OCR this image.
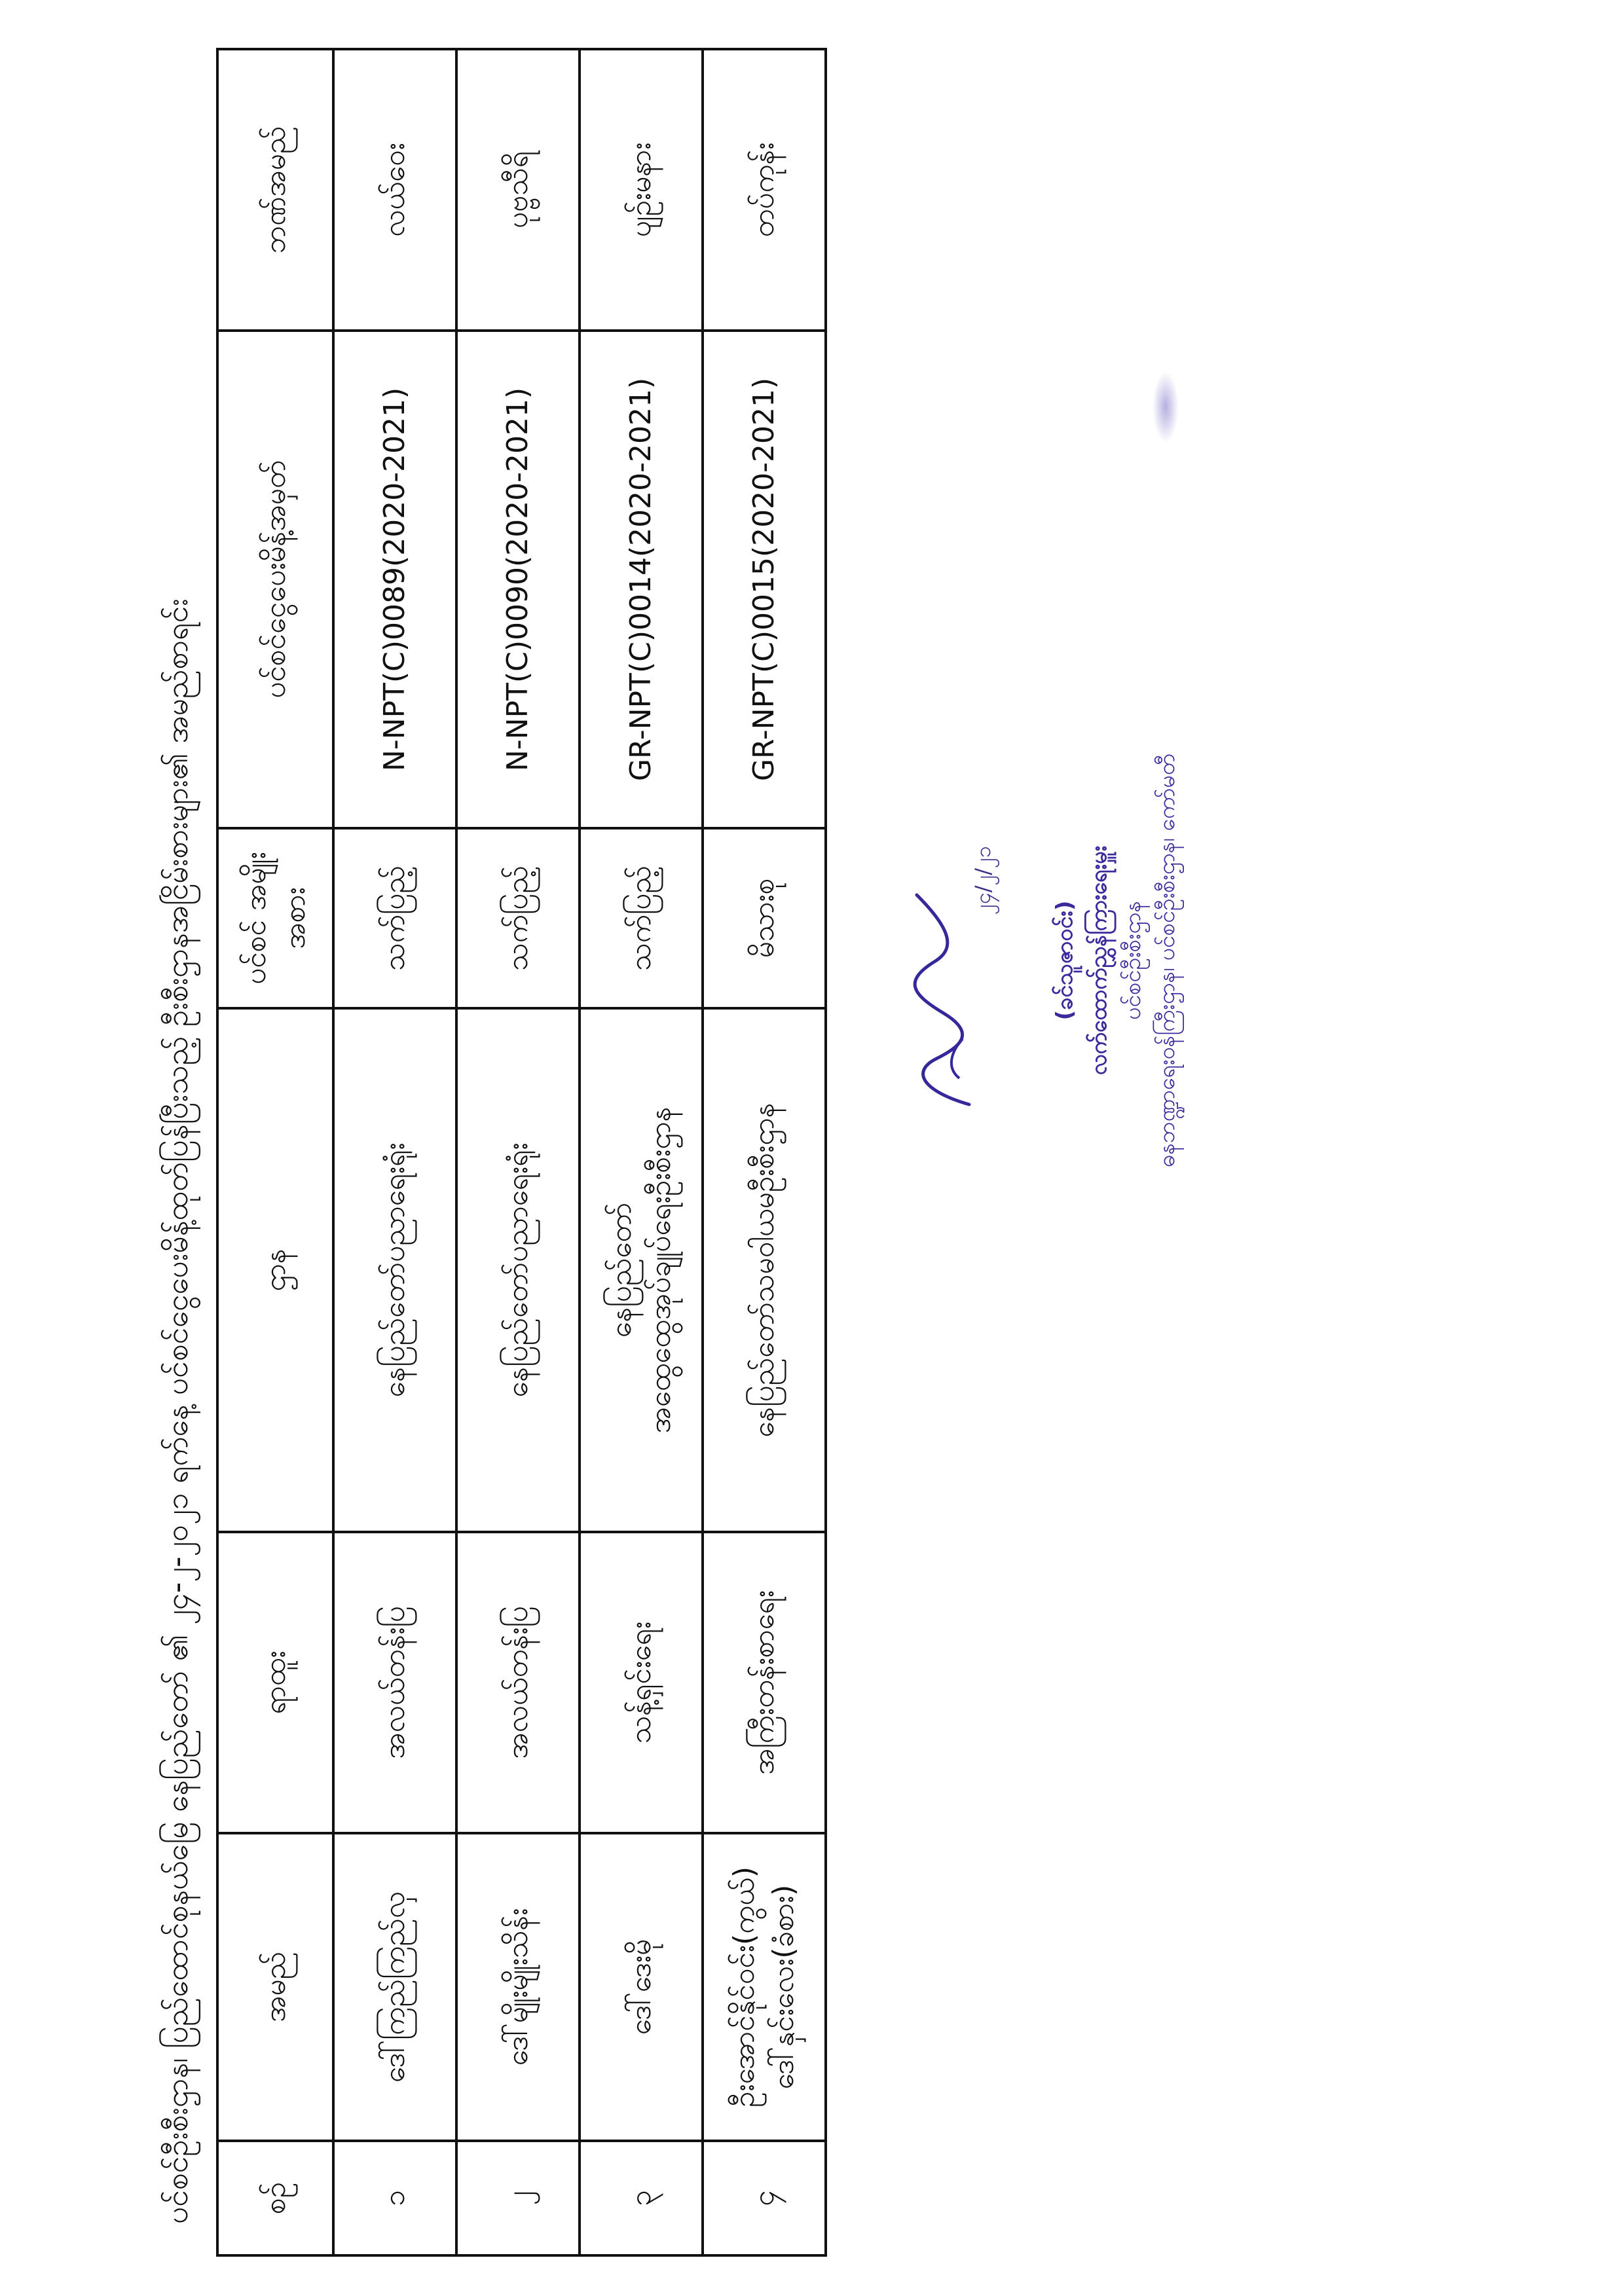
ပင်စင်ဦးစီးဌာန၊ ပြည်ထောင်စုနယ်မြေ နေပြည်တော် ၏ ၂၄-၂-၂၀၂၁ ရက်နေ့ ပင်စင်ငွေပေးမိန့်ထုတ်ပြန်ပြီးသည့် ဦးစီးဌာနအငြိမ်းစားများ၏ အမည်စာရင်း စဉ်	အမည်	ရာထူး	ဌာန	ပင်စင် အမျိုးအစား	ပင်စင်ငွေပေးမိန့်အမှတ်	ဘဏ်အမည်
၁	ဒေါ်ကြည်ကြည်လှ	အလယ်တန်းပြ	နေပြည်တော်ပညာရေးရုံး	သက်ပြည့်	N-NPT(C)0089(2020-2021)	လယ်ဝေး
၂	ဒေါ်မျိုးမျိုးသိန်း	အလယ်တန်းပြ	နေပြည်တော်ပညာရေးရုံး	သက်ပြည့်	N-NPT(C)0090(2020-2021)	ပုဗ္ဗသီရိ
၃	ဒေါ်ဒေးမို	သန့်ရှင်းရေး	နေပြည်တော် အထွေထွေအုပ်ချုပ်ရေးဦးစီးဌာန	သက်ပြည့်	GR-NPT(C)0014(2020-2021)	ပျဉ်းမနား
၄	ဦးအောင်နိုင်ဝင်း(ကွယ်) ဒေါ်နှင်းလေး(ခံစား)	အကြီးတန်းစာရေး	နေပြည်တော်သမဝါယမဦးစီးဌာန	မိသားစု	GR-NPT(C)0015(2020-2021)	တပ်ကုန်း
၂၄/၂/၂၁
(ခင်သူဇာဝင်း) လက်ထောက်ညွှန်ကြားရေးမှူး ပင်စင်ဦးစီးဌာန ဓနဘဏ္ဍာရေးဝန်ကြီးဌာန၊ ပင်စင်ဦးစီးဌာန၊ ကော်မတီ
